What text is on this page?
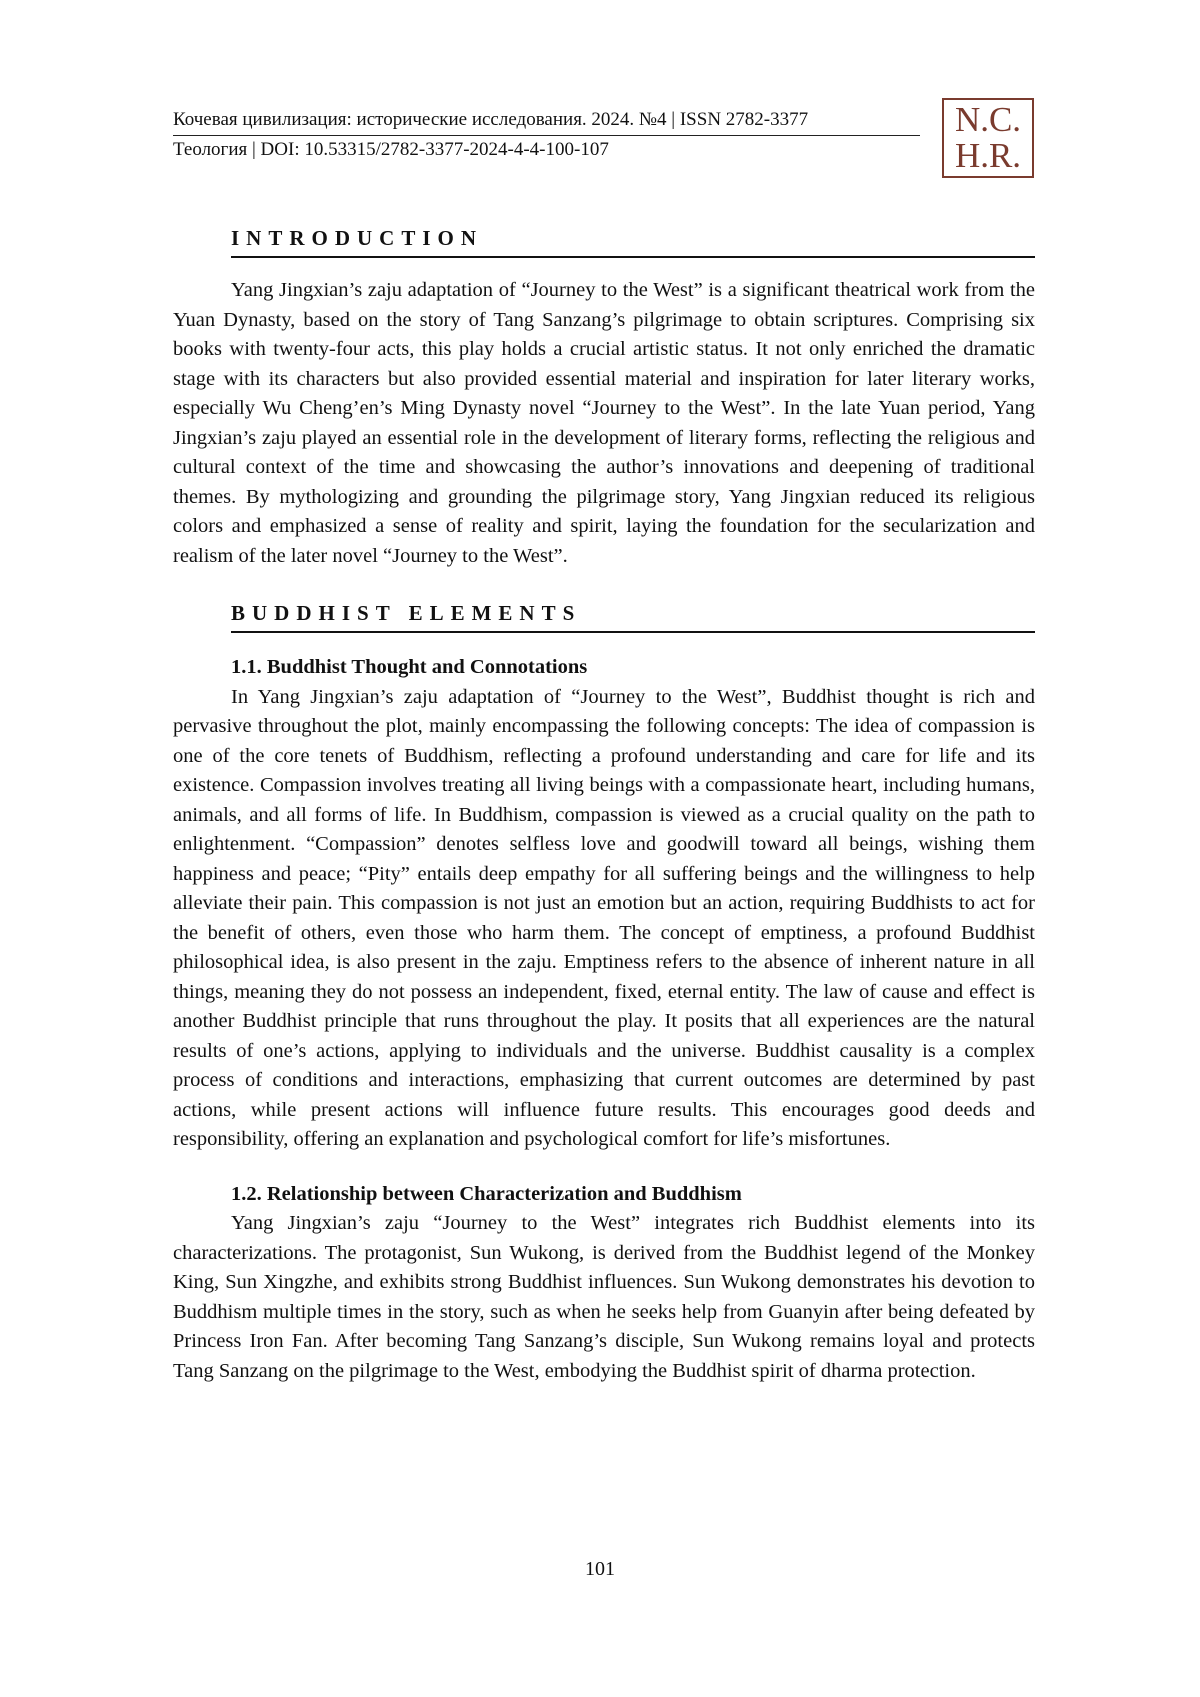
Кочевая цивилизация: исторические исследования. 2024. №4 | ISSN 2782-3377
Теология | DOI: 10.53315/2782-3377-2024-4-4-100-107
N.C.
H.R.
INTRODUCTION

Yang Jingxian’s zaju adaptation of “Journey to the West” is a significant theatrical work from the Yuan Dynasty, based on the story of Tang Sanzang’s pilgrimage to obtain scriptures. Comprising six books with twenty-four acts, this play holds a crucial artistic status. It not only enriched the dramatic stage with its characters but also provided essential material and inspiration for later literary works, especially Wu Cheng’en’s Ming Dynasty novel “Journey to the West”. In the late Yuan period, Yang Jingxian’s zaju played an essential role in the development of literary forms, reflecting the religious and cultural context of the time and showcasing the author’s innovations and deepening of traditional themes. By mythologizing and grounding the pilgrimage story, Yang Jingxian reduced its religious colors and emphasized a sense of reality and spirit, laying the foundation for the secularization and realism of the later novel “Journey to the West”.

BUDDHIST ELEMENTS
1.1. Buddhist Thought and Connotations

In Yang Jingxian’s zaju adaptation of “Journey to the West”, Buddhist thought is rich and pervasive throughout the plot, mainly encompassing the following concepts: The idea of compassion is one of the core tenets of Buddhism, reflecting a profound understanding and care for life and its existence. Compassion involves treating all living beings with a compassionate heart, including humans, animals, and all forms of life. In Buddhism, compassion is viewed as a crucial quality on the path to enlightenment. “Compassion” denotes selfless love and goodwill toward all beings, wishing them happiness and peace; “Pity” entails deep empathy for all suffering beings and the willingness to help alleviate their pain. This compassion is not just an emotion but an action, requiring Buddhists to act for the benefit of others, even those who harm them. The concept of emptiness, a profound Buddhist philosophical idea, is also present in the zaju. Emptiness refers to the absence of inherent nature in all things, meaning they do not possess an independent, fixed, eternal entity. The law of cause and effect is another Buddhist principle that runs throughout the play. It posits that all experiences are the natural results of one’s actions, applying to individuals and the universe. Buddhist causality is a complex process of conditions and interactions, emphasizing that current outcomes are determined by past actions, while present actions will influence future results. This encourages good deeds and responsibility, offering an explanation and psychological comfort for life’s misfortunes.

1.2. Relationship between Characterization and Buddhism

Yang Jingxian’s zaju “Journey to the West” integrates rich Buddhist elements into its characterizations. The protagonist, Sun Wukong, is derived from the Buddhist legend of the Monkey King, Sun Xingzhe, and exhibits strong Buddhist influences. Sun Wukong demonstrates his devotion to Buddhism multiple times in the story, such as when he seeks help from Guanyin after being defeated by Princess Iron Fan. After becoming Tang Sanzang’s disciple, Sun Wukong remains loyal and protects Tang Sanzang on the pilgrimage to the West, embodying the Buddhist spirit of dharma protection.

101
